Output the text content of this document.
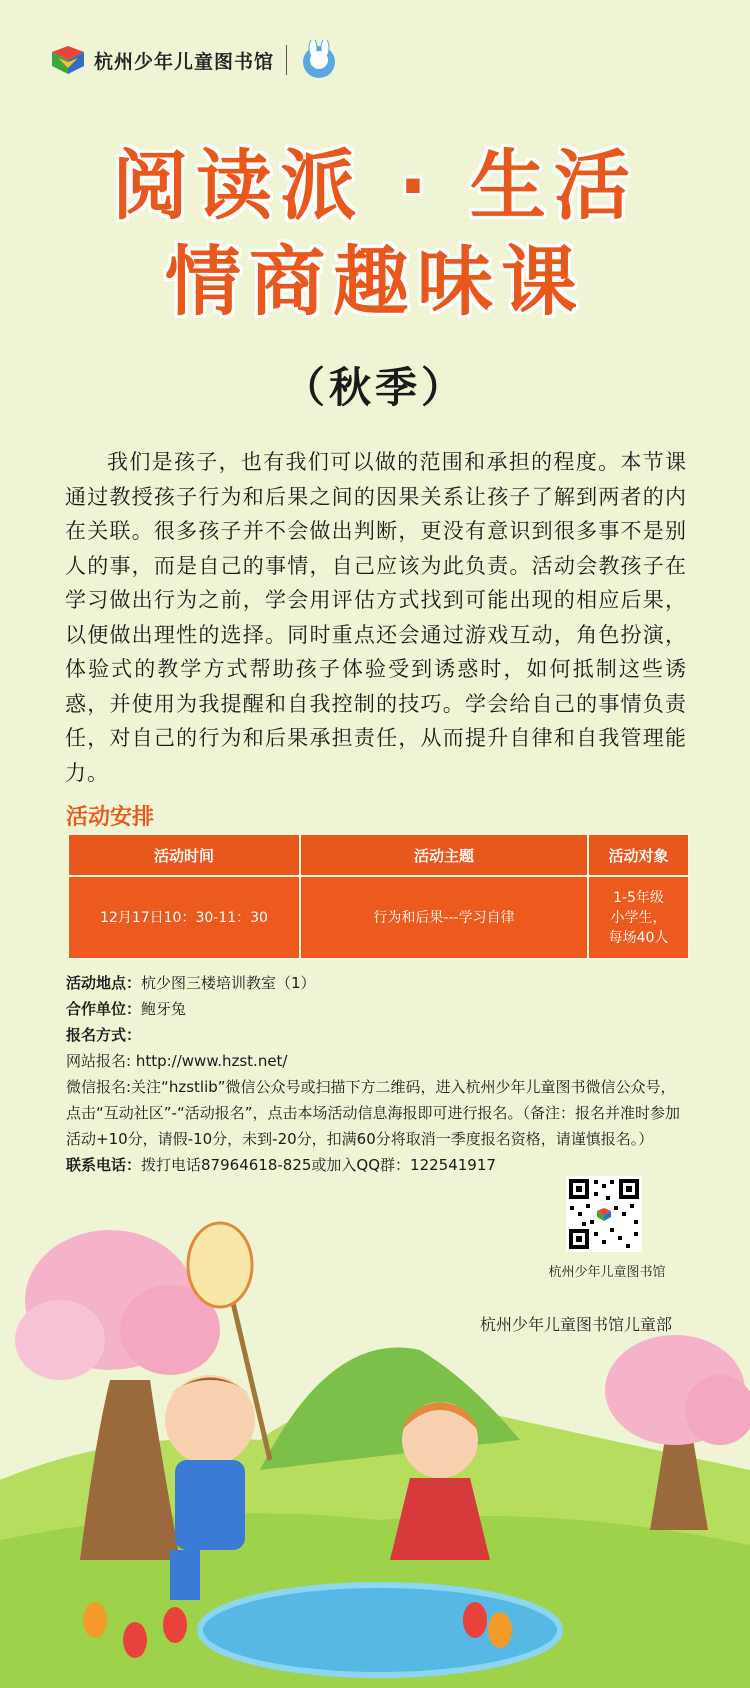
杭州少年儿童图书馆
阅读派 · 生活
情商趣味课
（秋季）
我们是孩子，也有我们可以做的范围和承担的程度。本节课通过教授孩子行为和后果之间的因果关系让孩子了解到两者的内在关联。很多孩子并不会做出判断，更没有意识到很多事不是别人的事，而是自己的事情，自己应该为此负责。活动会教孩子在学习做出行为之前，学会用评估方式找到可能出现的相应后果，以便做出理性的选择。同时重点还会通过游戏互动，角色扮演，体验式的教学方式帮助孩子体验受到诱惑时，如何抵制这些诱惑，并使用为我提醒和自我控制的技巧。学会给自己的事情负责任，对自己的行为和后果承担责任，从而提升自律和自我管理能力。
活动安排
活动时间	活动主题	活动对象
12月17日10：30-11：30	行为和后果---学习自律	1-5年级
小学生，
每场40人
活动地点：杭少图三楼培训教室（1）
合作单位：鲍牙兔
报名方式：
网站报名: http://www.hzst.net/
微信报名:关注“hzstlib”微信公众号或扫描下方二维码，进入杭州少年儿童图书微信公众号，点击“互动社区”-“活动报名”，点击本场活动信息海报即可进行报名。（备注：报名并准时参加活动+10分，请假-10分，未到-20分，扣满60分将取消一季度报名资格，请谨慎报名。）
联系电话：拨打电话87964618-825或加入QQ群：122541917
杭州少年儿童图书馆
杭州少年儿童图书馆儿童部
